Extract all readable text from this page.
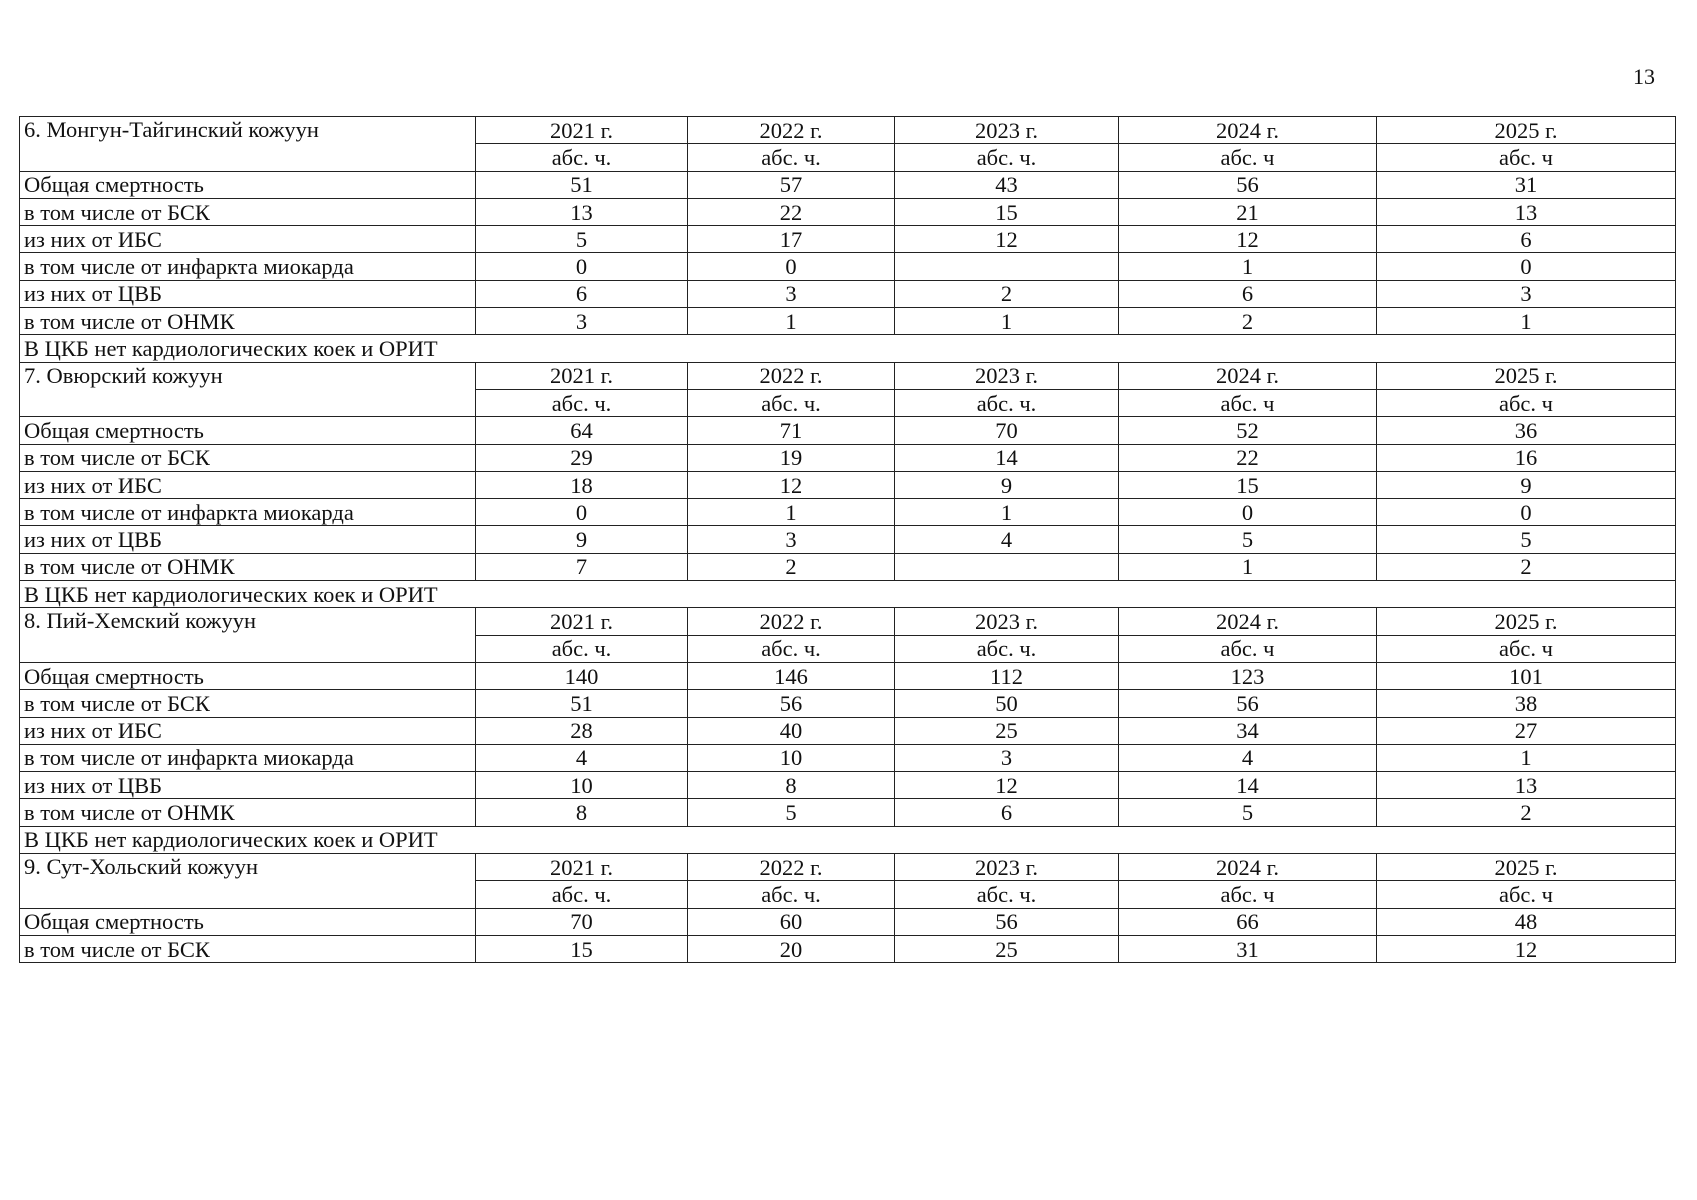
13
6. Монгун-Тайгинский кожуун	2021 г.	2022 г.	2023 г.	2024 г.	2025 г.
	абс. ч.	абс. ч.	абс. ч.	абс. ч	абс. ч
Общая смертность	51	57	43	56	31
в том числе от БСК	13	22	15	21	13
из них от ИБС	5	17	12	12	6
в том числе от инфаркта миокарда	0	0		1	0
из них от ЦВБ	6	3	2	6	3
в том числе от ОНМК	3	1	1	2	1
В ЦКБ нет кардиологических коек и ОРИТ					
7. Овюрский кожуун	2021 г.	2022 г.	2023 г.	2024 г.	2025 г.
	абс. ч.	абс. ч.	абс. ч.	абс. ч	абс. ч
Общая смертность	64	71	70	52	36
в том числе от БСК	29	19	14	22	16
из них от ИБС	18	12	9	15	9
в том числе от инфаркта миокарда	0	1	1	0	0
из них от ЦВБ	9	3	4	5	5
в том числе от ОНМК	7	2		1	2
В ЦКБ нет кардиологических коек и ОРИТ					
8. Пий-Хемский кожуун	2021 г.	2022 г.	2023 г.	2024 г.	2025 г.
	абс. ч.	абс. ч.	абс. ч.	абс. ч	абс. ч
Общая смертность	140	146	112	123	101
в том числе от БСК	51	56	50	56	38
из них от ИБС	28	40	25	34	27
в том числе от инфаркта миокарда	4	10	3	4	1
из них от ЦВБ	10	8	12	14	13
в том числе от ОНМК	8	5	6	5	2
В ЦКБ нет кардиологических коек и ОРИТ					
9. Сут-Хольский кожуун	2021 г.	2022 г.	2023 г.	2024 г.	2025 г.
	абс. ч.	абс. ч.	абс. ч.	абс. ч	абс. ч
Общая смертность	70	60	56	66	48
в том числе от БСК	15	20	25	31	12
